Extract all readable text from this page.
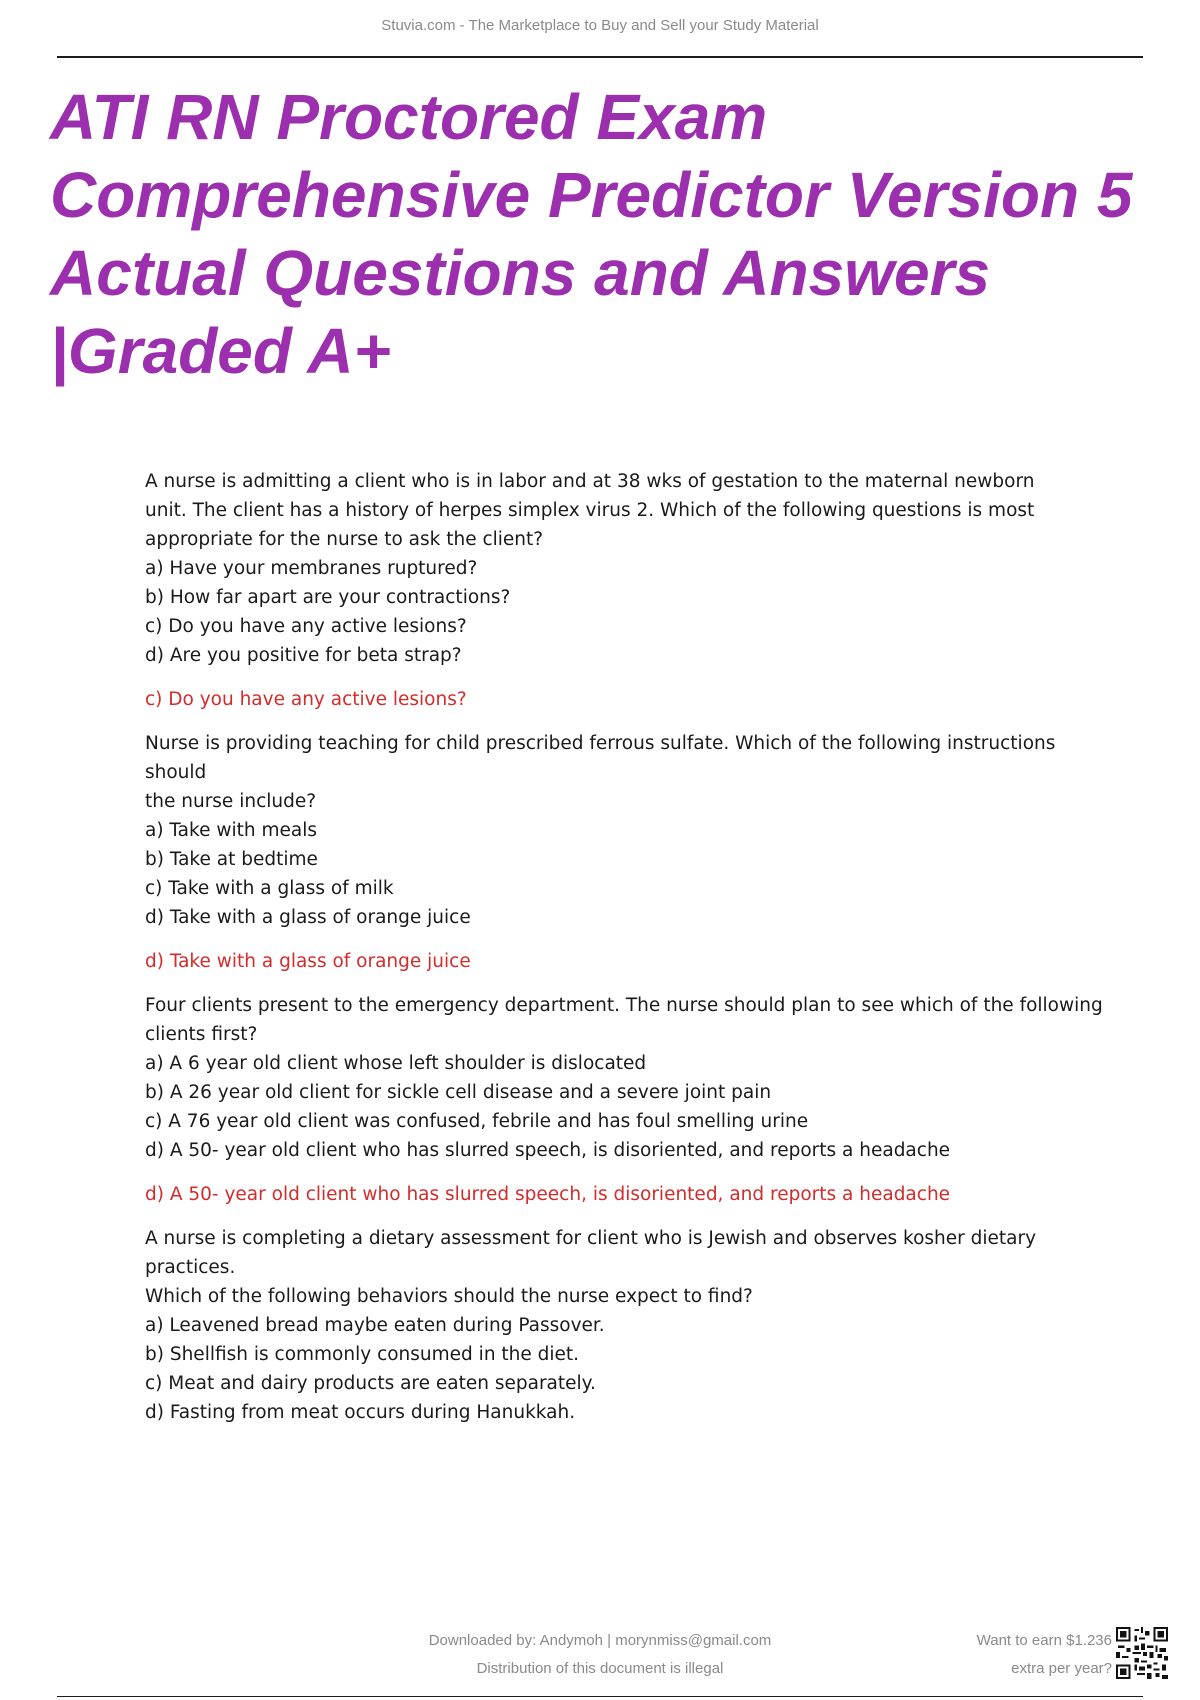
Stuvia.com - The Marketplace to Buy and Sell your Study Material
ATI RN Proctored Exam
Comprehensive Predictor Version 5
Actual Questions and Answers
|Graded A+
A nurse is admitting a client who is in labor and at 38 wks of gestation to the maternal newborn
unit. The client has a history of herpes simplex virus 2. Which of the following questions is most
appropriate for the nurse to ask the client?
a) Have your membranes ruptured?
b) How far apart are your contractions?
c) Do you have any active lesions?
d) Are you positive for beta strap?
c) Do you have any active lesions?
Nurse is providing teaching for child prescribed ferrous sulfate. Which of the following instructions
should
the nurse include?
a) Take with meals
b) Take at bedtime
c) Take with a glass of milk
d) Take with a glass of orange juice
d) Take with a glass of orange juice
Four clients present to the emergency department. The nurse should plan to see which of the following
clients first?
a) A 6 year old client whose left shoulder is dislocated
b) A 26 year old client for sickle cell disease and a severe joint pain
c) A 76 year old client was confused, febrile and has foul smelling urine
d) A 50- year old client who has slurred speech, is disoriented, and reports a headache
d) A 50- year old client who has slurred speech, is disoriented, and reports a headache
A nurse is completing a dietary assessment for client who is Jewish and observes kosher dietary
practices.
Which of the following behaviors should the nurse expect to find?
a) Leavened bread maybe eaten during Passover.
b) Shellfish is commonly consumed in the diet.
c) Meat and dairy products are eaten separately.
d) Fasting from meat occurs during Hanukkah.
Downloaded by: Andymoh | morynmiss@gmail.com
Distribution of this document is illegal
Want to earn $1.236
extra per year?
